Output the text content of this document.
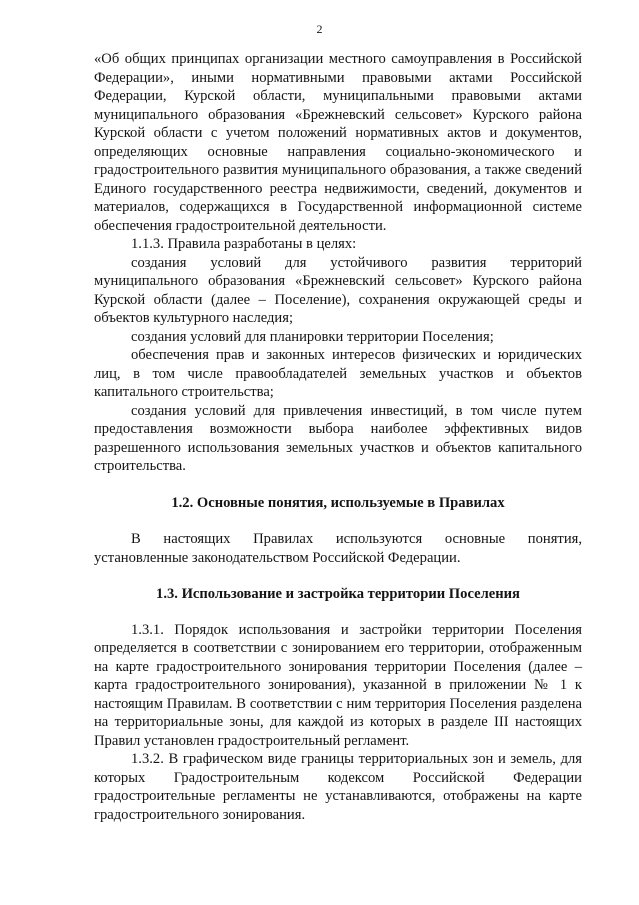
2

«Об общих принципах организации местного самоуправления в Российской Федерации», иными нормативными правовыми актами Российской Федерации, Курской области, муниципальными правовыми актами муниципального образования «Брежневский сельсовет» Курского района Курской области с учетом положений нормативных актов и документов, определяющих основные направления социально-экономического и градостроительного развития муниципального образования, а также сведений Единого государственного реестра недвижимости, сведений, документов и материалов, содержащихся в Государственной информационной системе обеспечения градостроительной деятельности.

1.1.3. Правила разработаны в целях:

создания условий для устойчивого развития территорий муниципального образования «Брежневский сельсовет» Курского района Курской области (далее – Поселение), сохранения окружающей среды и объектов культурного наследия;

создания условий для планировки территории Поселения;

обеспечения прав и законных интересов физических и юридических лиц, в том числе правообладателей земельных участков и объектов капитального строительства;

создания условий для привлечения инвестиций, в том числе путем предоставления возможности выбора наиболее эффективных видов разрешенного использования земельных участков и объектов капитального строительства.

1.2. Основные понятия, используемые в Правилах

В настоящих Правилах используются основные понятия, установленные законодательством Российской Федерации.

1.3. Использование и застройка территории Поселения

1.3.1. Порядок использования и застройки территории Поселения определяется в соответствии с зонированием его территории, отображенным на карте градостроительного зонирования территории Поселения (далее – карта градостроительного зонирования), указанной в приложении № 1 к настоящим Правилам. В соответствии с ним территория Поселения разделена на территориальные зоны, для каждой из которых в разделе III настоящих Правил установлен градостроительный регламент.

1.3.2. В графическом виде границы территориальных зон и земель, для которых Градостроительным кодексом Российской Федерации градостроительные регламенты не устанавливаются, отображены на карте градостроительного зонирования.
